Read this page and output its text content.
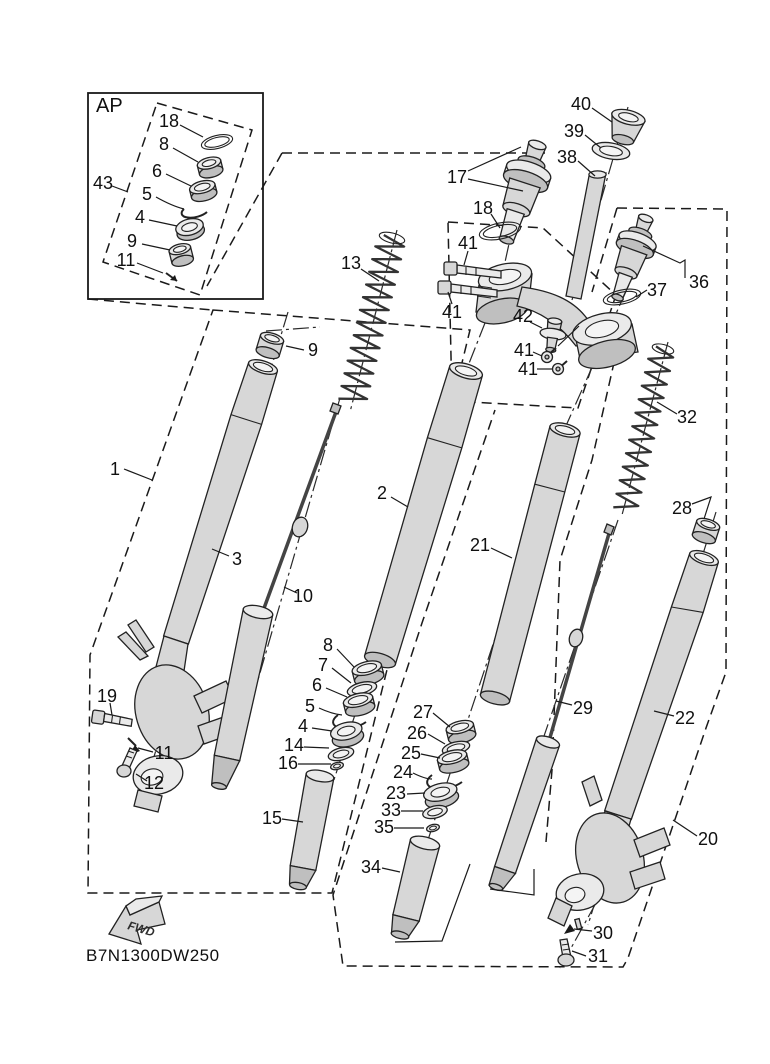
AP
18
8
6
5
4
9
11
43
40
39
38
17
18
36
37
13
41
41	42
41
41
9
1
2
21
3
10
32
28
29	22
20
30
31
19
11
12
8
7
6
5
4
14
16
15
27
26
25
24
23
33
35
34
FWD
B7N1300DW250
